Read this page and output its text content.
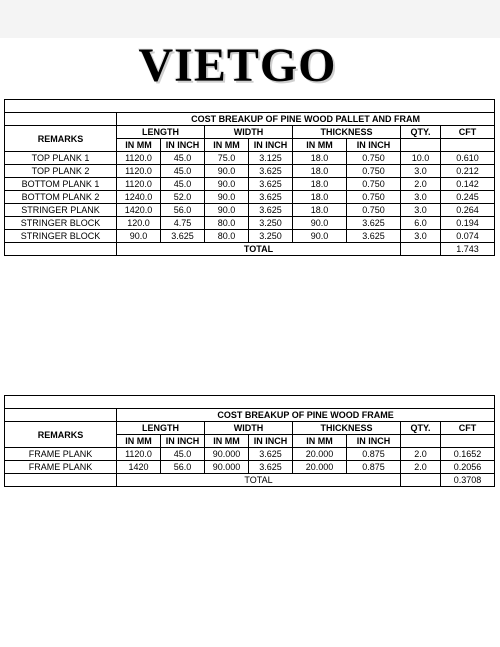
VIETGO

	COST BREAKUP OF PINE WOOD PALLET AND FRAM							
REMARKS	LENGTH		WIDTH		THICKNESS		QTY.	CFT
	IN MM	IN INCH	IN MM	IN INCH	IN MM	IN INCH		
TOP PLANK 1	1120.0	45.0	75.0	3.125	18.0	0.750	10.0	0.610
TOP PLANK 2	1120.0	45.0	90.0	3.625	18.0	0.750	3.0	0.212
BOTTOM PLANK 1	1120.0	45.0	90.0	3.625	18.0	0.750	2.0	0.142
BOTTOM PLANK 2	1240.0	52.0	90.0	3.625	18.0	0.750	3.0	0.245
STRINGER PLANK	1420.0	56.0	90.0	3.625	18.0	0.750	3.0	0.264
STRINGER BLOCK	120.0	4.75	80.0	3.250	90.0	3.625	6.0	0.194
STRINGER BLOCK	90.0	3.625	80.0	3.250	90.0	3.625	3.0	0.074
	TOTAL							1.743

	COST BREAKUP OF PINE WOOD FRAME							
REMARKS	LENGTH		WIDTH		THICKNESS		QTY.	CFT
	IN MM	IN INCH	IN MM	IN INCH	IN MM	IN INCH		
FRAME PLANK	1120.0	45.0	90.000	3.625	20.000	0.875	2.0	0.1652
FRAME PLANK	1420	56.0	90.000	3.625	20.000	0.875	2.0	0.2056
	TOTAL							0.3708
